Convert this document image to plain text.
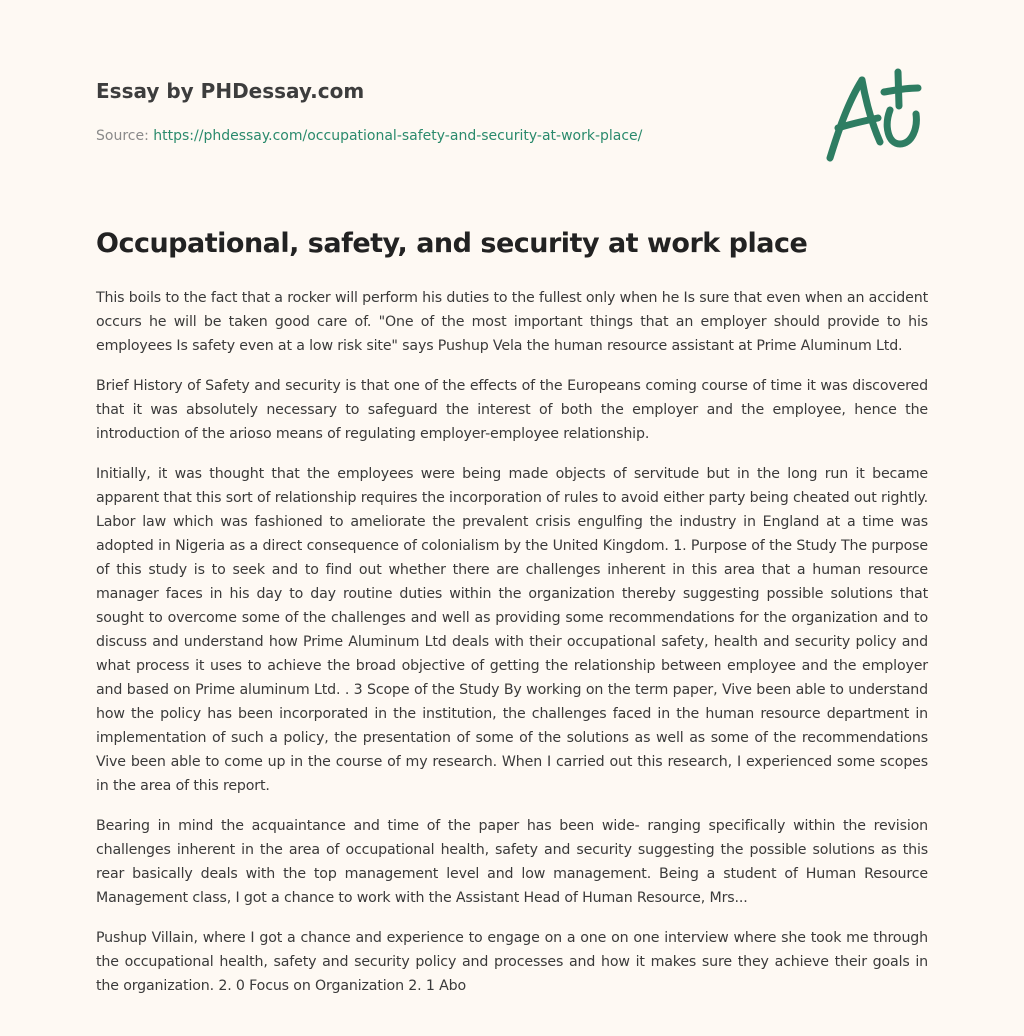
Essay by PHDessay.com
Source: https://phdessay.com/occupational-safety-and-security-at-work-place/
Occupational, safety, and security at work place

This boils to the fact that a rocker will perform his duties to the fullest only when he Is sure that even when an accident occurs he will be taken good care of. "One of the most important things that an employer should provide to his employees Is safety even at a low risk site" says Pushup Vela the human resource assistant at Prime Aluminum Ltd.

Brief History of Safety and security is that one of the effects of the Europeans coming course of time it was discovered that it was absolutely necessary to safeguard the interest of both the employer and the employee, hence the introduction of the arioso means of regulating employer-employee relationship.

Initially, it was thought that the employees were being made objects of servitude but in the long run it became apparent that this sort of relationship requires the incorporation of rules to avoid either party being cheated out rightly. Labor law which was fashioned to ameliorate the prevalent crisis engulfing the industry in England at a time was adopted in Nigeria as a direct consequence of colonialism by the United Kingdom. 1. Purpose of the Study The purpose of this study is to seek and to find out whether there are challenges inherent in this area that a human resource manager faces in his day to day routine duties within the organization thereby suggesting possible solutions that sought to overcome some of the challenges and well as providing some recommendations for the organization and to discuss and understand how Prime Aluminum Ltd deals with their occupational safety, health and security policy and what process it uses to achieve the broad objective of getting the relationship between employee and the employer and based on Prime aluminum Ltd. . 3 Scope of the Study By working on the term paper, Vive been able to understand how the policy has been incorporated in the institution, the challenges faced in the human resource department in implementation of such a policy, the presentation of some of the solutions as well as some of the recommendations Vive been able to come up in the course of my research. When I carried out this research, I experienced some scopes in the area of this report.

Bearing in mind the acquaintance and time of the paper has been wide- ranging specifically within the revision challenges inherent in the area of occupational health, safety and security suggesting the possible solutions as this rear basically deals with the top management level and low management. Being a student of Human Resource Management class, I got a chance to work with the Assistant Head of Human Resource, Mrs...

Pushup Villain, where I got a chance and experience to engage on a one on one interview where she took me through the occupational health, safety and security policy and processes and how it makes sure they achieve their goals in the organization. 2. 0 Focus on Organization 2. 1 Abo
